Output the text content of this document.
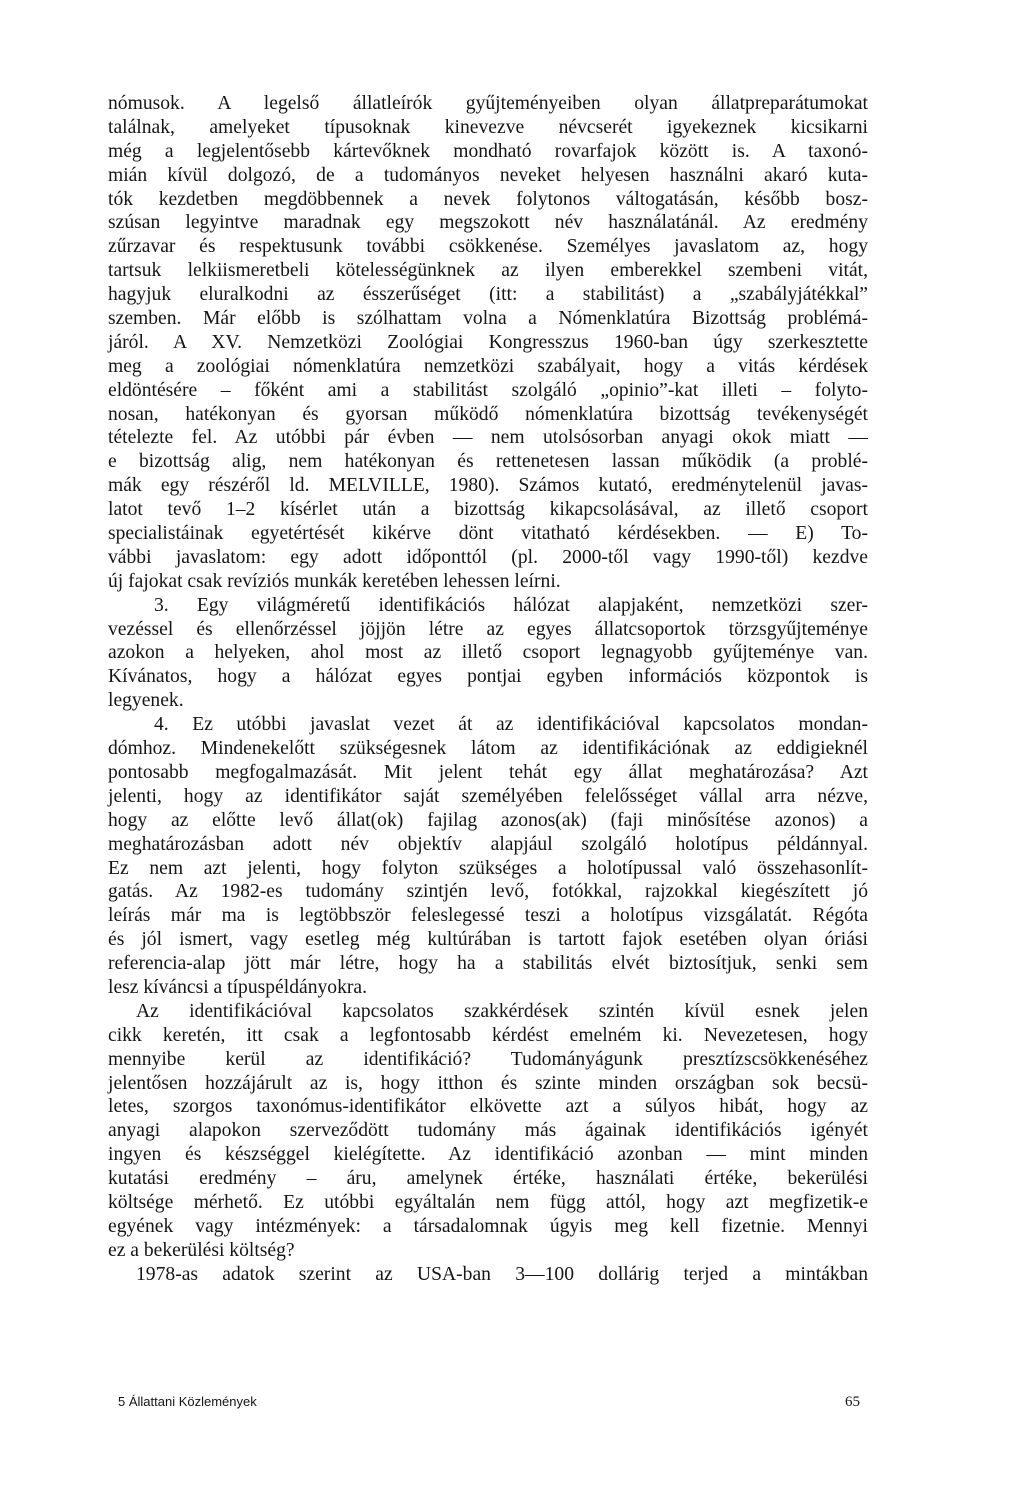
nómusok. A legelső állatleírók gyűjteményeiben olyan állatpreparátumokat
találnak, amelyeket típusoknak kinevezve névcserét igyekeznek kicsikarni
még a legjelentősebb kártevőknek mondható rovarfajok között is. A taxonó-
mián kívül dolgozó, de a tudományos neveket helyesen használni akaró kuta-
tók kezdetben megdöbbennek a nevek folytonos váltogatásán, később bosz-
szúsan legyintve maradnak egy megszokott név használatánál. Az eredmény
zűrzavar és respektusunk további csökkenése. Személyes javaslatom az, hogy
tartsuk lelkiismeretbeli kötelességünknek az ilyen emberekkel szembeni vitát,
hagyjuk eluralkodni az ésszerűséget (itt: a stabilitást) a „szabályjátékkal”
szemben. Már előbb is szólhattam volna a Nómenklatúra Bizottság problémá-
járól. A XV. Nemzetközi Zoológiai Kongresszus 1960-ban úgy szerkesztette
meg a zoológiai nómenklatúra nemzetközi szabályait, hogy a vitás kérdések
eldöntésére – főként ami a stabilitást szolgáló „opinio”-kat illeti – folyto-
nosan, hatékonyan és gyorsan működő nómenklatúra bizottság tevékenységét
tételezte fel. Az utóbbi pár évben — nem utolsósorban anyagi okok miatt —
e bizottság alig, nem hatékonyan és rettenetesen lassan működik (a problé-
mák egy részéről ld. MELVILLE, 1980). Számos kutató, eredménytelenül javas-
latot tevő 1–2 kísérlet után a bizottság kikapcsolásával, az illető csoport
specialistáinak egyetértését kikérve dönt vitatható kérdésekben. — E) To-
vábbi javaslatom: egy adott időponttól (pl. 2000-től vagy 1990-től) kezdve
új fajokat csak revíziós munkák keretében lehessen leírni.
3. Egy világméretű identifikációs hálózat alapjaként, nemzetközi szer-
vezéssel és ellenőrzéssel jöjjön létre az egyes állatcsoportok törzsgyűjteménye
azokon a helyeken, ahol most az illető csoport legnagyobb gyűjteménye van.
Kívánatos, hogy a hálózat egyes pontjai egyben információs központok is
legyenek.
4. Ez utóbbi javaslat vezet át az identifikációval kapcsolatos mondan-
dómhoz. Mindenekelőtt szükségesnek látom az identifikációnak az eddigieknél
pontosabb megfogalmazását. Mit jelent tehát egy állat meghatározása? Azt
jelenti, hogy az identifikátor saját személyében felelősséget vállal arra nézve,
hogy az előtte levő állat(ok) fajilag azonos(ak) (faji minősítése azonos) a
meghatározásban adott név objektív alapjául szolgáló holotípus példánnyal.
Ez nem azt jelenti, hogy folyton szükséges a holotípussal való összehasonlít-
gatás. Az 1982-es tudomány szintjén levő, fotókkal, rajzokkal kiegészített jó
leírás már ma is legtöbbször feleslegessé teszi a holotípus vizsgálatát. Régóta
és jól ismert, vagy esetleg még kultúrában is tartott fajok esetében olyan óriási
referencia-alap jött már létre, hogy ha a stabilitás elvét biztosítjuk, senki sem
lesz kíváncsi a típuspéldányokra.
Az identifikációval kapcsolatos szakkérdések szintén kívül esnek jelen
cikk keretén, itt csak a legfontosabb kérdést emelném ki. Nevezetesen, hogy
mennyibe kerül az identifikáció? Tudományágunk presztízscsökkenéséhez
jelentősen hozzájárult az is, hogy itthon és szinte minden országban sok becsü-
letes, szorgos taxonómus-identifikátor elkövette azt a súlyos hibát, hogy az
anyagi alapokon szerveződött tudomány más ágainak identifikációs igényét
ingyen és készséggel kielégítette. Az identifikáció azonban — mint minden
kutatási eredmény – áru, amelynek értéke, használati értéke, bekerülési
költsége mérhető. Ez utóbbi egyáltalán nem függ attól, hogy azt megfizetik-e
egyének vagy intézmények: a társadalomnak úgyis meg kell fizetnie. Mennyi
ez a bekerülési költség?
1978-as adatok szerint az USA-ban 3—100 dollárig terjed a mintákban
5 Állattani Közlemények	65
